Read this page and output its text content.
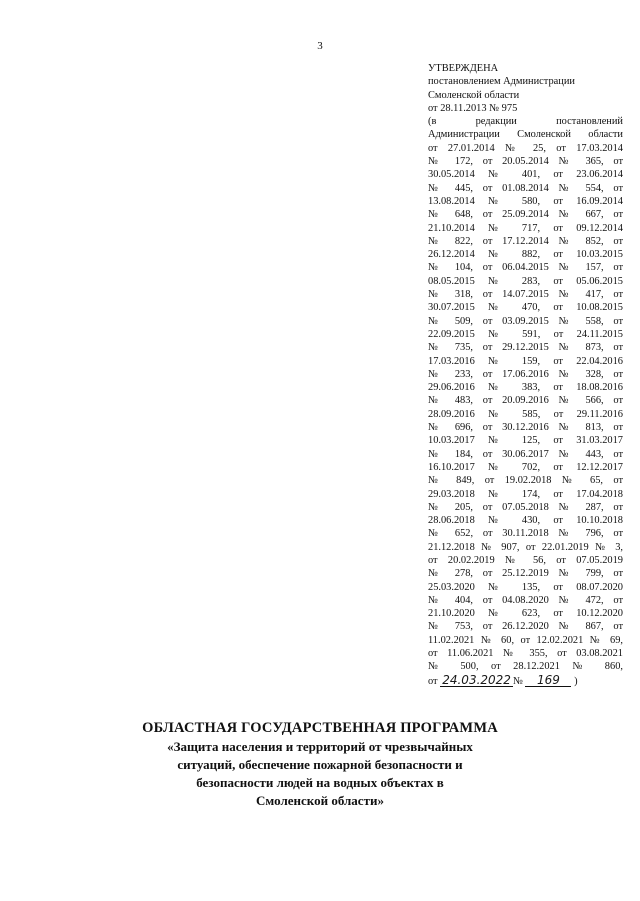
3
УТВЕРЖДЕНА
постановлением Администрации
Смоленской области
от 28.11.2013 № 975
(в редакции постановлений
Администрации Смоленской области
от 27.01.2014 № 25, от 17.03.2014
№ 172, от 20.05.2014 № 365, от
30.05.2014 № 401, от 23.06.2014
№ 445, от 01.08.2014 № 554, от
13.08.2014 № 580, от 16.09.2014
№ 648, от 25.09.2014 № 667, от
21.10.2014 № 717, от 09.12.2014
№ 822, от 17.12.2014 № 852, от
26.12.2014 № 882, от 10.03.2015
№ 104, от 06.04.2015 № 157, от
08.05.2015 № 283, от 05.06.2015
№ 318, от 14.07.2015 № 417, от
30.07.2015 № 470, от 10.08.2015
№ 509, от 03.09.2015 № 558, от
22.09.2015 № 591, от 24.11.2015
№ 735, от 29.12.2015 № 873, от
17.03.2016 № 159, от 22.04.2016
№ 233, от 17.06.2016 № 328, от
29.06.2016 № 383, от 18.08.2016
№ 483, от 20.09.2016 № 566, от
28.09.2016 № 585, от 29.11.2016
№ 696, от 30.12.2016 № 813, от
10.03.2017 № 125, от 31.03.2017
№ 184, от 30.06.2017 № 443, от
16.10.2017 № 702, от 12.12.2017
№ 849, от 19.02.2018 № 65, от
29.03.2018 № 174, от 17.04.2018
№ 205, от 07.05.2018 № 287, от
28.06.2018 № 430, от 10.10.2018
№ 652, от 30.11.2018 № 796, от
21.12.2018 № 907, от 22.01.2019 № 3,
от 20.02.2019 № 56, от 07.05.2019
№ 278, от 25.12.2019 № 799, от
25.03.2020 № 135, от 08.07.2020
№ 404, от 04.08.2020 № 472, от
21.10.2020 № 623, от 10.12.2020
№ 753, от 26.12.2020 № 867, от
11.02.2021 № 60, от 12.02.2021 № 69,
от 11.06.2021 № 355, от 03.08.2021
№ 500, от 28.12.2021 № 860,
от 24.03.2022 № 169 )
ОБЛАСТНАЯ ГОСУДАРСТВЕННАЯ ПРОГРАММА
«Защита населения и территорий от чрезвычайных
ситуаций, обеспечение пожарной безопасности и
безопасности людей на водных объектах в
Смоленской области»
